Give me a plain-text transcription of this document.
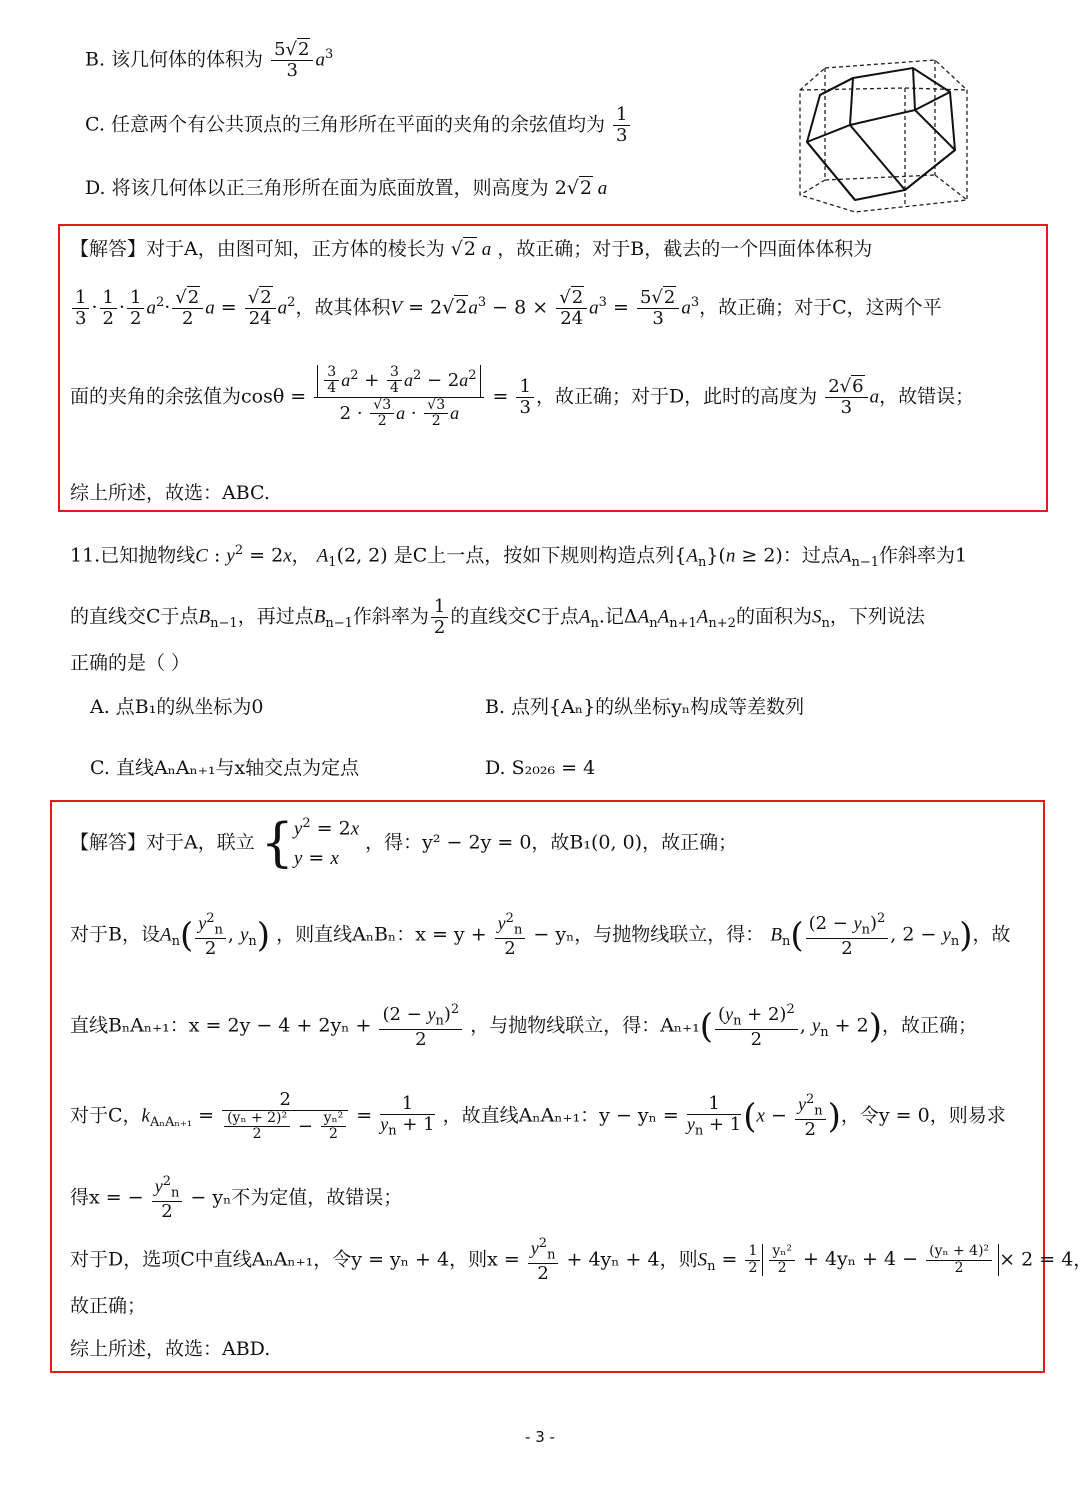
B. 该几何体的体积为 $\frac{5√2}{3} a^3$
C. 任意两个有公共顶点的三角形所在平面的夹角的余弦值均为 $\frac{1}{3}$
D. 将该几何体以正三角形所在面为底面放置，则高度为 2√2 a
【解答】对于A，由图可知，正方体的棱长为 √2 a ，故正确；对于B，截去的一个四面体体积为
$\frac{1}{3} \cdot \frac{1}{2} \cdot \frac{1}{2} a^2\cdot \frac{√2}{2}$ $a = \frac{√2}{24} a^2$，故其体积$V = 2√2a^3 - 8 \times \frac{√2}{24} a^3 = \frac{5√2}{3} a^3$，故正确；对于C，这两个平
面的夹角的余弦值为$\cos\theta = \frac{\frac{3}{4} a^2 + \frac{3}{4} a^2 - 2a^2}{2 \cdot \frac{√3}{2} a \cdot \frac{√3}{2} a} = \frac{1}{3}$ ，故正确；对于D，此时的高度为 $\frac{2√6}{3}$ a，故错误；
综上所述，故选：ABC.
11.已知抛物线C : $y^2 = 2x$， $A_1(2$, 2) 是C上一点，按如下规则构造点列$\{A_n\}(n \ge 2)$：过点$A_{n-1}$作斜率为1
的直线交C于点$B_{n-1}$，再过点$B_{n-1}$作斜率为 $\frac{1}{2}$ 的直线交C于点$A_n$.记$\Delta A_nA_{n+1}A_{n+2}$的面积为$S_n$，下列说法
正确的是（ ）
A. 点B₁的纵坐标为0	B. 点列{Aₙ}的纵坐标yₙ构成等差数列
C. 直线AₙAₙ₊₁与x轴交点为定点	D. S₂₀₂₆ = 4
【解答】对于A，联立 { $y^2 = 2x$
y = x
，得：y² − 2y = 0，故B₁(0, 0)，故正确；
对于B，设$A_n( \frac{y^2_n}{2}$ , $y_n$) ，则直线AₙBₙ：$x = y + \frac{y^2_n}{2} - y_n$，与抛物线联立，得： $B_n( \frac{(2 - y_n)^2}{2}$ , $2 - y_n$)，故
直线BₙAₙ₊₁：$x = 2y - 4 + 2y_n + \frac{(2 - y_n)^2}{2}$ ，与抛物线联立，得：$A_{n+1}( \frac{(y_n + 2)^2}{2}$ , $y_n + 2$)，故正确；
对于C，$k_{A_nA_{n+1}} = \frac{2}{\frac{\text{(yₙ + 2)²}}{2} - \frac{\text{yₙ²}}{2}} = \frac{1}{y_n + 1}$ ，故直线AₙAₙ₊₁：$y - y_n = \frac{1}{y_n + 1} (x - \frac{y^2_n}{2}$ )，令y = 0，则易求
得x = − $\frac{y^2_n}{2} - y_n$不为定值，故错误；
对于D，选项C中直线AₙAₙ₊₁，令y = yₙ + 4，则$x = \frac{y^2_n}{2} + 4y_n + 4$，则$S_n = \frac{1}{2} \frac{\text{yₙ²}}{2} + 4y_n + 4 - \frac{\text{(yₙ + 4)²}}{2} \times 2 = 4$，
故正确；
综上所述，故选：ABD.
- 3 -
